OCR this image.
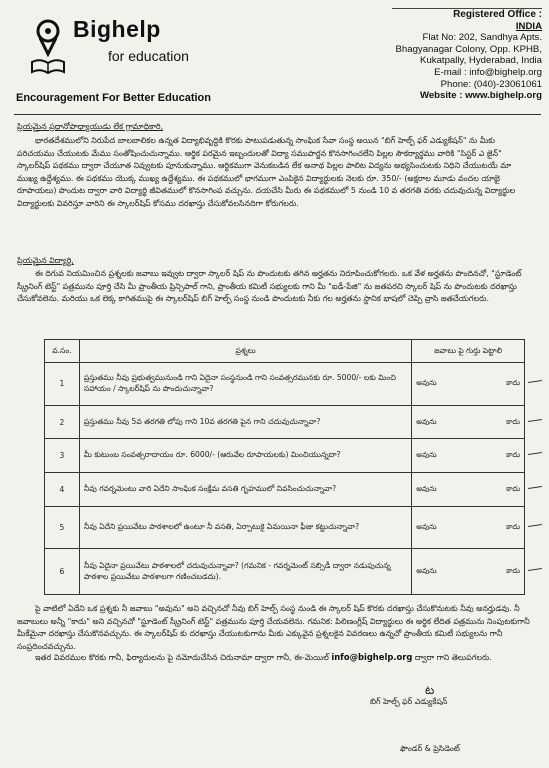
Bighelp
for education
Encouragement For Better Education
Registered Office :
INDIA
Flat No: 202, Sandhya Apts.
Bhagyanagar Colony, Opp. KPHB,
Kukatpally, Hyderabad, India
E-mail : info@bighelp.org
Phone: (040)-23061061
Website : www.bighelp.org
ప్రియమైన ప్రధానోపాధ్యాయుడు లేక గ్రామాధికారి,
భారతదేశములోని నిరుపేద బాలబాలికల ఉన్నత విద్యాభివృద్ధికి కొరకు పాటుపడుతున్న సాంఘిక సేవా సంస్థ అయిన "బిగ్ హెల్ప్ ఫర్ ఎడ్యుకేషన్" ను మీకు పరిచయము చేయుటకు మేము సంతోషించుచున్నాము. ఆర్థిక పరమైన ఇబ్బందులతో విద్యా సముపార్జన కొనసాగించలేని పిల్లల సౌకర్యార్థము వారికి "సిస్టర్ ఎ జైన్" స్కాలర్‌షిప్ పథకము ద్వారా చేయూత నివ్వుటకు పూనుకున్నాము. ఆర్థికముగా వెనుకబడిన లేక అనాథ పిల్లల పాలిట విద్యను అభ్యసించుటకు నిధిని చేయుటయే మా ముఖ్య ఉద్దేశ్యము. ఈ పథకము యొక్క ముఖ్య ఉద్దేశ్యము. ఈ పథకములో భాగముగా ఎంపికైన విద్యార్థులకు నెలకు రూ. 350/- (అక్షరాల మూడు వందల యాభై రూపాయలు) పొందుట ద్వారా వారి విద్యార్థి జీవితములో కొనసాగింప వచ్చును. దయచేసి మీరు ఈ పథకములో 5 నుండి 10 వ తరగతి వరకు చదువుచున్న విద్యార్థుల విద్యార్థులకు వివరిస్తూ వారిని ఈ స్కాలర్‌షిప్ కోసము దరఖాస్తు చేసుకోవలసినదిగా కోరుగలరు.
ప్రియమైన విద్యార్థి,
ఈ దిగువ నియమించిన ప్రశ్నలకు జవాబు ఇవ్వుట ద్వారా స్కాలర్ షిప్ ను పొందుటకు తగిన అర్హతను నిరూపించుకోగలరు. ఒక వేళ అర్హతను పొందినచో, "స్టూడెంట్ స్క్రీనింగ్ టెస్ట్" పత్రమును పూర్తి చేసి మీ ప్రాంతీయ ప్రిన్సిపాల్ గాని, ప్రాంతీయ కమిటీ సభ్యులకు గాని మీ "ఐడీ-పేజి" ను జతపరచి స్కాలర్ షిప్ ను పొందుటకు దరఖాస్తు చేసుకోవలెను. మరియు ఒక లెక్క కాగితముపై ఈ స్కాలర్‌షిప్ బిగ్ హెల్ప్ సంస్థ నుండి పొందుటకు నీకు గల అర్హతను స్థానిక భాషలో చెప్పి వ్రాసి జతచేయగలరు.
వ.సం.	ప్రశ్నలు	జవాబు పై గుర్తు పెట్టాలి
1	ప్రస్తుతము నీవు ప్రభుత్వమునుండి గాని ఏదైనా సంస్థనుండి గాని సంవత్సరమునకు రూ. 5000/- లకు మించి సహాయం / స్కాలర్‌షిప్ ను పొందుచున్నావా?	అవును కాదు

2	ప్రస్తుతము నీవు 5వ తరగతి లోపు గాని 10వ తరగతి పైన గాని చదువుచున్నావా?	అవును కాదు

3	మీ కుటుంబ సంవత్సరాదాయం రూ. 6000/- (ఆరువేల రూపాయలకు) మించియున్నదా?	అవును కాదు

4	నీవు గవర్నమెంటు వారి ఏదేని సాంఘిక సంక్షేమ వసతి గృహములో నివసించుచున్నావా?	అవును కాదు

5	నీవు ఏదేని ప్రయివేటు పాఠశాలలో ఉంటూ నీ వసతి, ఏర్పాటుకై ఏమయినా ఫీజు కట్టుచున్నావా?	అవును కాదు

6	నీవు ఏదైనా ప్రయివేటు పాఠశాలలో చదువుచున్నావా? (గమనిక - గవర్నమెంట్ సబ్సిడీ ద్వారా నడుపుచున్న పాఠశాల ప్రయివేటు పాఠశాలగా గణించబడదు).	అవును కాదు
పై వాటిలో ఏదేని ఒక ప్రశ్నకు నీ జవాబు "అవును" అని వచ్చినచో నీవు బిగ్ హెల్ప్ సంస్థ నుండి ఈ స్కాలర్ షిప్ కొరకు దరఖాస్తు చేసుకొనుటకు నీవు అనర్హుడవు. నీ జవాబులు అన్నీ "కాదు" అని వచ్చినచో "స్టూడెంట్ స్క్రీనింగ్ టెస్ట్" పత్రమును పూర్తి చేయవలెను. గమనిక: పిలిణంగ్లీష్ విద్యార్థులు ఈ అర్థిక లేదిత పత్రమును నింపుటకుగానీ మీకేమైనా దరఖాస్తు చేసుకొనవచ్చును. ఈ స్కాలర్‌షిప్ కు దరఖాస్తు చేయుటకుగాను మీకు ఎక్కువైన ప్రశ్నలకైన వివరణలు ఉన్నచో ప్రాంతీయ కమిటీ సభ్యులను గానీ సంప్రదించవచ్చును.
ఇతర వివరముల కొరకు గానీ, ఫిర్యాదులను పై నమోదుచేసిన చిరునామా ద్వారా గానీ, ఈ-మెయిల్ info@bighelp.org ద్వారా గాని తెలుపగలరు.
ట
బిగ్ హెల్ప్ ఫర్ ఎడ్యుకేషన్
ఫౌండర్ & ప్రెసిడెంట్
